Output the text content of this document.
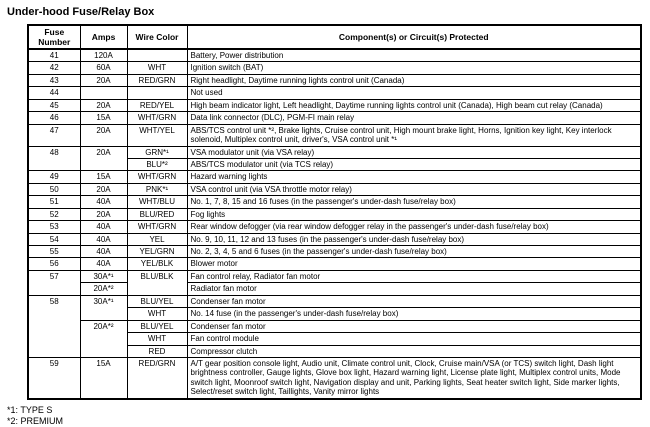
Under-hood Fuse/Relay Box
Fuse Number	Amps	Wire Color	Component(s) or Circuit(s) Protected
41	120A		Battery, Power distribution
42	60A	WHT	Ignition switch (BAT)
43	20A	RED/GRN	Right headlight, Daytime running lights control unit (Canada)
44			Not used
45	20A	RED/YEL	High beam indicator light, Left headlight, Daytime running lights control unit (Canada), High beam cut relay (Canada)
46	15A	WHT/GRN	Data link connector (DLC), PGM-FI main relay
47	20A	WHT/YEL	ABS/TCS control unit *², Brake lights, Cruise control unit, High mount brake light, Horns, Ignition key light, Key interlock solenoid, Multiplex control unit, driver's, VSA control unit *¹
48	20A	GRN*¹	VSA modulator unit (via VSA relay)
		BLU*²	ABS/TCS modulator unit (via TCS relay)
49	15A	WHT/GRN	Hazard warning lights
50	20A	PNK*¹	VSA control unit (via VSA throttle motor relay)
51	40A	WHT/BLU	No. 1, 7, 8, 15 and 16 fuses (in the passenger's under-dash fuse/relay box)
52	20A	BLU/RED	Fog lights
53	40A	WHT/GRN	Rear window defogger (via rear window defogger relay in the passenger's under-dash fuse/relay box)
54	40A	YEL	No. 9, 10, 11, 12 and 13 fuses (in the passenger's under-dash fuse/relay box)
55	40A	YEL/GRN	No. 2, 3, 4, 5 and 6 fuses (in the passenger's under-dash fuse/relay box)
56	40A	YEL/BLK	Blower motor
57	30A*¹	BLU/BLK	Fan control relay, Radiator fan motor
	20A*²		Radiator fan motor
58	30A*¹	BLU/YEL	Condenser fan motor
		WHT	No. 14 fuse (in the passenger's under-dash fuse/relay box)
	20A*²	BLU/YEL	Condenser fan motor
		WHT	Fan control module
		RED	Compressor clutch
59	15A	RED/GRN	A/T gear position console light, Audio unit, Climate control unit, Clock, Cruise main/VSA (or TCS) switch light, Dash light brightness controller, Gauge lights, Glove box light, Hazard warning light, License plate light, Multiplex control units, Mode switch light, Moonroof switch light, Navigation display and unit, Parking lights, Seat heater switch light, Side marker lights, Select/reset switch light, Taillights, Vanity mirror lights
*1: TYPE S
*2: PREMIUM
